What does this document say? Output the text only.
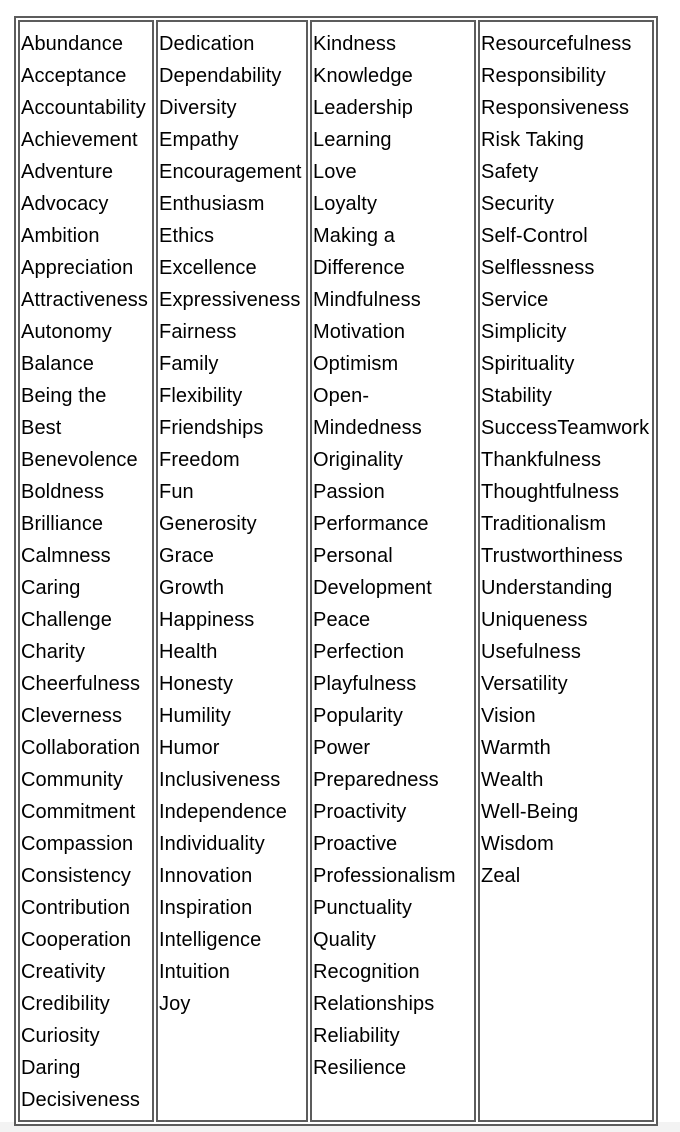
Abundance
Acceptance
Accountability
Achievement
Adventure
Advocacy
Ambition
Appreciation
Attractiveness
Autonomy
Balance
Being the
Best
Benevolence
Boldness
Brilliance
Calmness
Caring
Challenge
Charity
Cheerfulness
Cleverness
Collaboration
Community
Commitment
Compassion
Consistency
Contribution
Cooperation
Creativity
Credibility
Curiosity
Daring
Decisiveness

Dedication
Dependability
Diversity
Empathy
Encouragement
Enthusiasm
Ethics
Excellence
Expressiveness
Fairness
Family
Flexibility
Friendships
Freedom
Fun
Generosity
Grace
Growth
Happiness
Health
Honesty
Humility
Humor
Inclusiveness
Independence
Individuality
Innovation
Inspiration
Intelligence
Intuition
Joy

Kindness
Knowledge
Leadership
Learning
Love
Loyalty
Making a
Difference
Mindfulness
Motivation
Optimism
Open-
Mindedness
Originality
Passion
Performance
Personal
Development
Peace
Perfection
Playfulness
Popularity
Power
Preparedness
Proactivity
Proactive
Professionalism
Punctuality
Quality
Recognition
Relationships
Reliability
Resilience

Resourcefulness
Responsibility
Responsiveness
Risk Taking
Safety
Security
Self-Control
Selflessness
Service
Simplicity
Spirituality
Stability
SuccessTeamwork
Thankfulness
Thoughtfulness
Traditionalism
Trustworthiness
Understanding
Uniqueness
Usefulness
Versatility
Vision
Warmth
Wealth
Well-Being
Wisdom
Zeal
